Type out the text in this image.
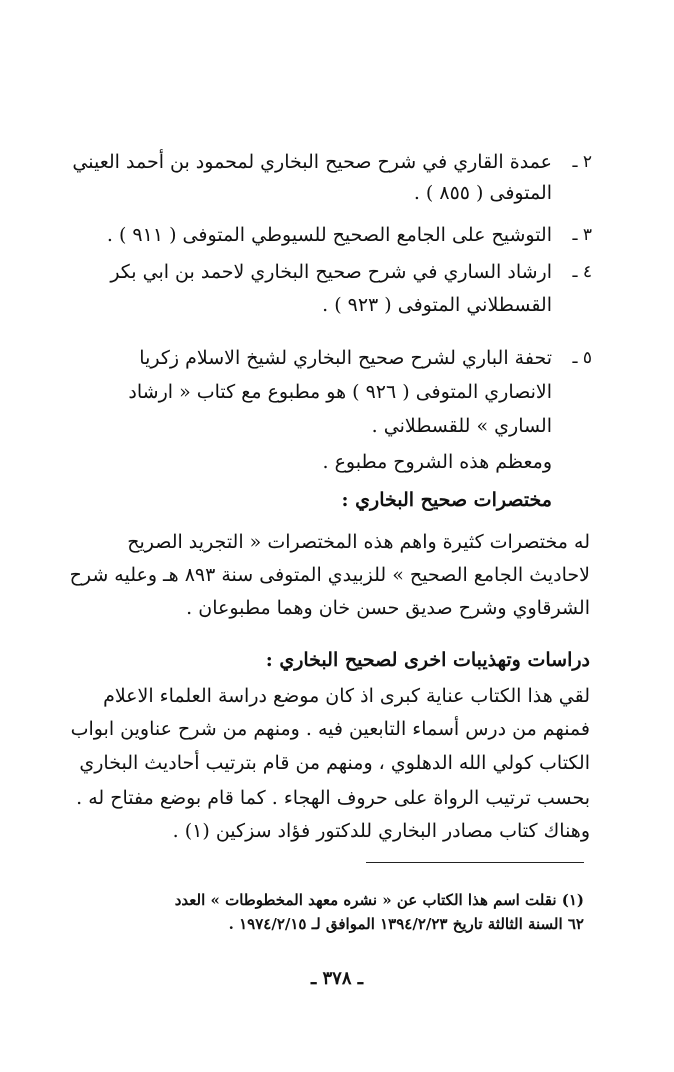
٢ ـ
عمدة القاري في شرح صحيح البخاري لمحمود بن أحمد العيني
المتوفى ( ٨٥٥ ) .
٣ ـ
التوشيح على الجامع الصحيح للسيوطي المتوفى ( ٩١١ ) .
٤ ـ
ارشاد الساري في شرح صحيح البخاري لاحمد بن ابي بكر
القسطلاني المتوفى ( ٩٢٣ ) .
٥ ـ
تحفة الباري لشرح صحيح البخاري لشيخ الاسلام زكريا
الانصاري المتوفى ( ٩٢٦ ) هو مطبوع مع كتاب « ارشاد
الساري » للقسطلاني .
ومعظم هذه الشروح مطبوع .
مختصرات صحيح البخاري :
له مختصرات كثيرة واهم هذه المختصرات « التجريد الصريح
لاحاديث الجامع الصحيح » للزبيدي المتوفى سنة ٨٩٣ هـ وعليه شرح
الشرقاوي وشرح صديق حسن خان وهما مطبوعان .
دراسات وتهذيبات اخرى لصحيح البخاري :
لقي هذا الكتاب عناية كبرى اذ كان موضع دراسة العلماء الاعلام
فمنهم من درس أسماء التابعين فيه . ومنهم من شرح عناوين ابواب
الكتاب كولي الله الدهلوي ، ومنهم من قام بترتيب أحاديث البخاري
بحسب ترتيب الرواة على حروف الهجاء . كما قام بوضع مفتاح له .
وهناك كتاب مصادر البخاري للدكتور فؤاد سزكين (١) .
(١) نقلت اسم هذا الكتاب عن « نشره معهد المخطوطات » العدد
٦٢ السنة الثالثة تاريخ ١٣٩٤/٢/٢٣ الموافق لـ ١٩٧٤/٢/١٥ .
ـ ٣٧٨ ـ
